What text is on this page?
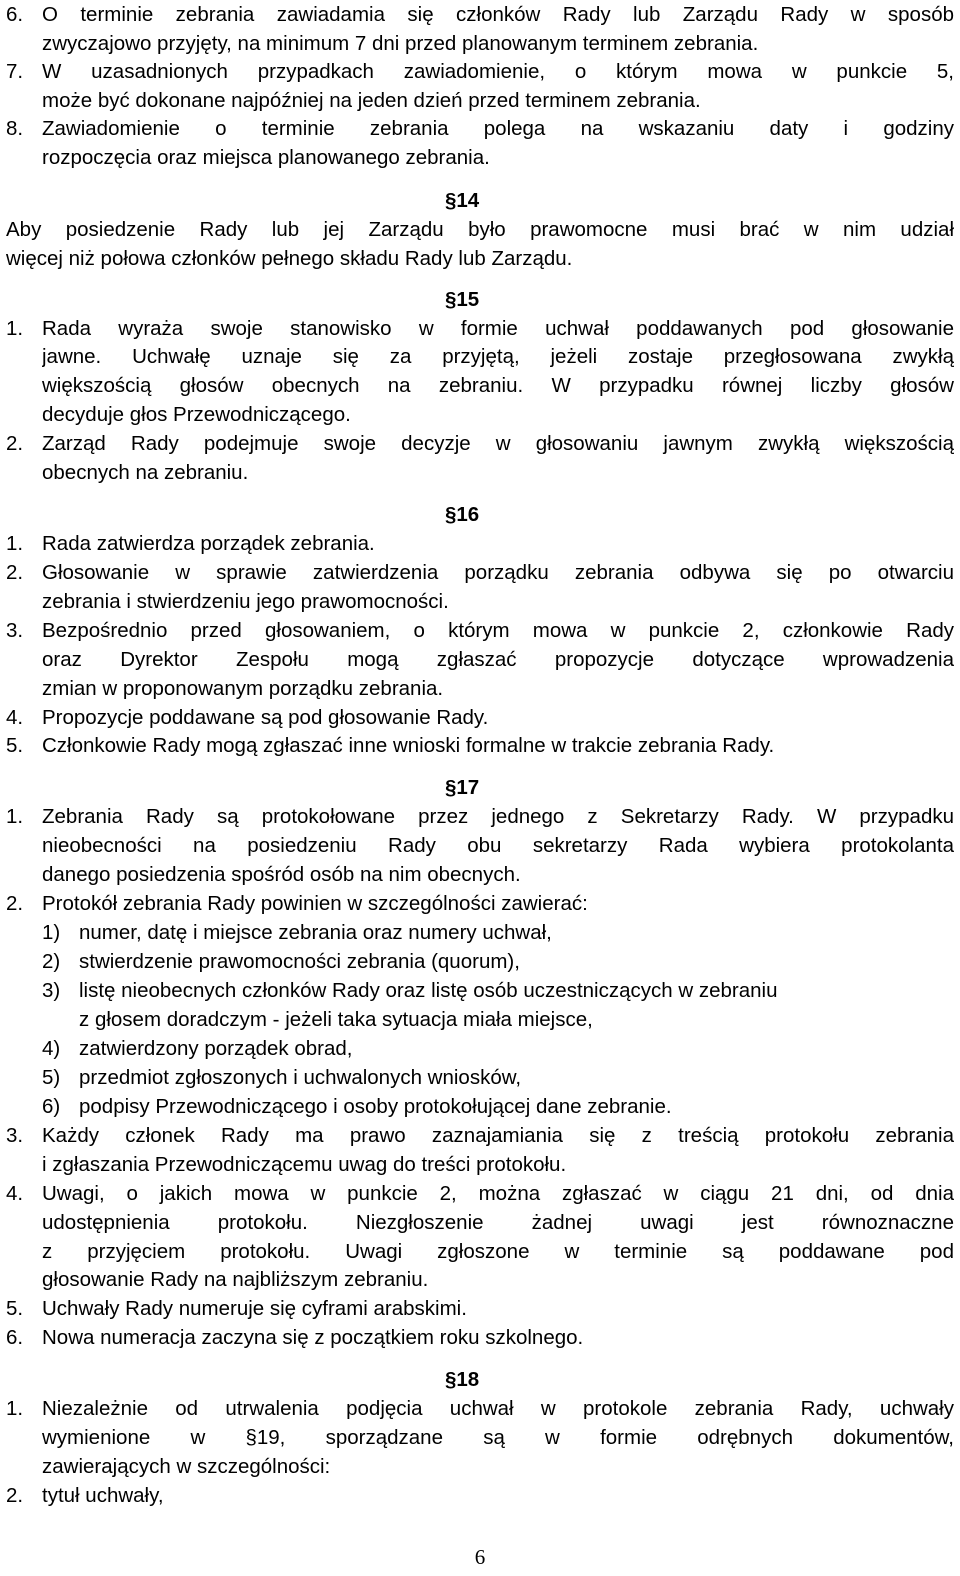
6. O terminie zebrania zawiadamia się członków Rady lub Zarządu Rady w sposób
zwyczajowo przyjęty, na minimum 7 dni przed planowanym terminem zebrania.
7. W uzasadnionych przypadkach zawiadomienie, o którym mowa w punkcie 5,
może być dokonane najpóźniej na jeden dzień przed terminem zebrania.
8. Zawiadomienie o terminie zebrania polega na wskazaniu daty i godziny
rozpoczęcia oraz miejsca planowanego zebrania.
§14
Aby posiedzenie Rady lub jej Zarządu było prawomocne musi brać w nim udział
więcej niż połowa członków pełnego składu Rady lub Zarządu.
§15
1. Rada wyraża swoje stanowisko w formie uchwał poddawanych pod głosowanie
jawne. Uchwałę uznaje się za przyjętą, jeżeli zostaje przegłosowana zwykłą
większością głosów obecnych na zebraniu. W przypadku równej liczby głosów
decyduje głos Przewodniczącego.
2. Zarząd Rady podejmuje swoje decyzje w głosowaniu jawnym zwykłą większością
obecnych na zebraniu.
§16
1. Rada zatwierdza porządek zebrania.
2. Głosowanie w sprawie zatwierdzenia porządku zebrania odbywa się po otwarciu
zebrania i stwierdzeniu jego prawomocności.
3. Bezpośrednio przed głosowaniem, o którym mowa w punkcie 2, członkowie Rady
oraz Dyrektor Zespołu mogą zgłaszać propozycje dotyczące wprowadzenia
zmian w proponowanym porządku zebrania.
4. Propozycje poddawane są pod głosowanie Rady.
5. Członkowie Rady mogą zgłaszać inne wnioski formalne w trakcie zebrania Rady.
§17
1. Zebrania Rady są protokołowane przez jednego z Sekretarzy Rady. W przypadku
nieobecności na posiedzeniu Rady obu sekretarzy Rada wybiera protokolanta
danego posiedzenia spośród osób na nim obecnych.
2. Protokół zebrania Rady powinien w szczególności zawierać:
1) numer, datę i miejsce zebrania oraz numery uchwał,
2) stwierdzenie prawomocności zebrania (quorum),
3) listę nieobecnych członków Rady oraz listę osób uczestniczących w zebraniu
z głosem doradczym - jeżeli taka sytuacja miała miejsce,
4) zatwierdzony porządek obrad,
5) przedmiot zgłoszonych i uchwalonych wniosków,
6) podpisy Przewodniczącego i osoby protokołującej dane zebranie.
3. Każdy członek Rady ma prawo zaznajamiania się z treścią protokołu zebrania
i zgłaszania Przewodniczącemu uwag do treści protokołu.
4. Uwagi, o jakich mowa w punkcie 2, można zgłaszać w ciągu 21 dni, od dnia
udostępnienia protokołu. Niezgłoszenie żadnej uwagi jest równoznaczne
z przyjęciem protokołu. Uwagi zgłoszone w terminie są poddawane pod
głosowanie Rady na najbliższym zebraniu.
5. Uchwały Rady numeruje się cyframi arabskimi.
6. Nowa numeracja zaczyna się z początkiem roku szkolnego.
§18
1. Niezależnie od utrwalenia podjęcia uchwał w protokole zebrania Rady, uchwały
wymienione w §19, sporządzane są w formie odrębnych dokumentów,
zawierających w szczególności:
2. tytuł uchwały,
6
